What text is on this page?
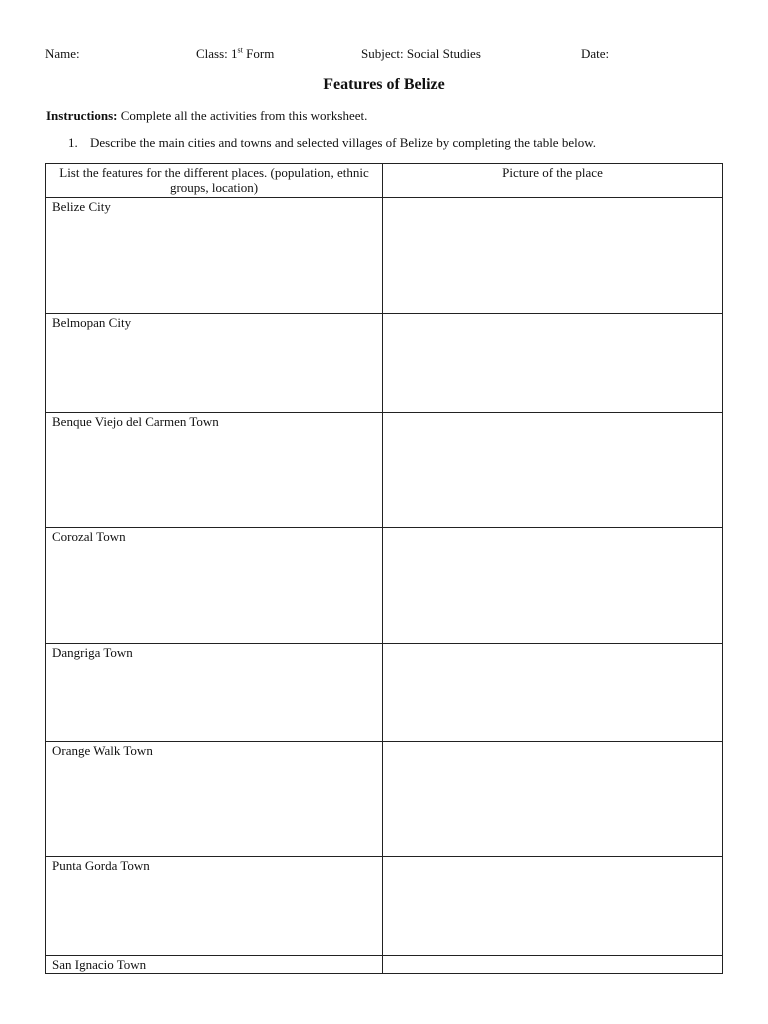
Name:	Class: 1st Form	Subject: Social Studies	Date:
Features of Belize
Instructions: Complete all the activities from this worksheet.
1. Describe the main cities and towns and selected villages of Belize by completing the table below.
List the features for the different places. (population, ethnic groups, location)	Picture of the place
Belize City	
Belmopan City	
Benque Viejo del Carmen Town	
Corozal Town	
Dangriga Town	
Orange Walk Town	
Punta Gorda Town	
San Ignacio Town	
